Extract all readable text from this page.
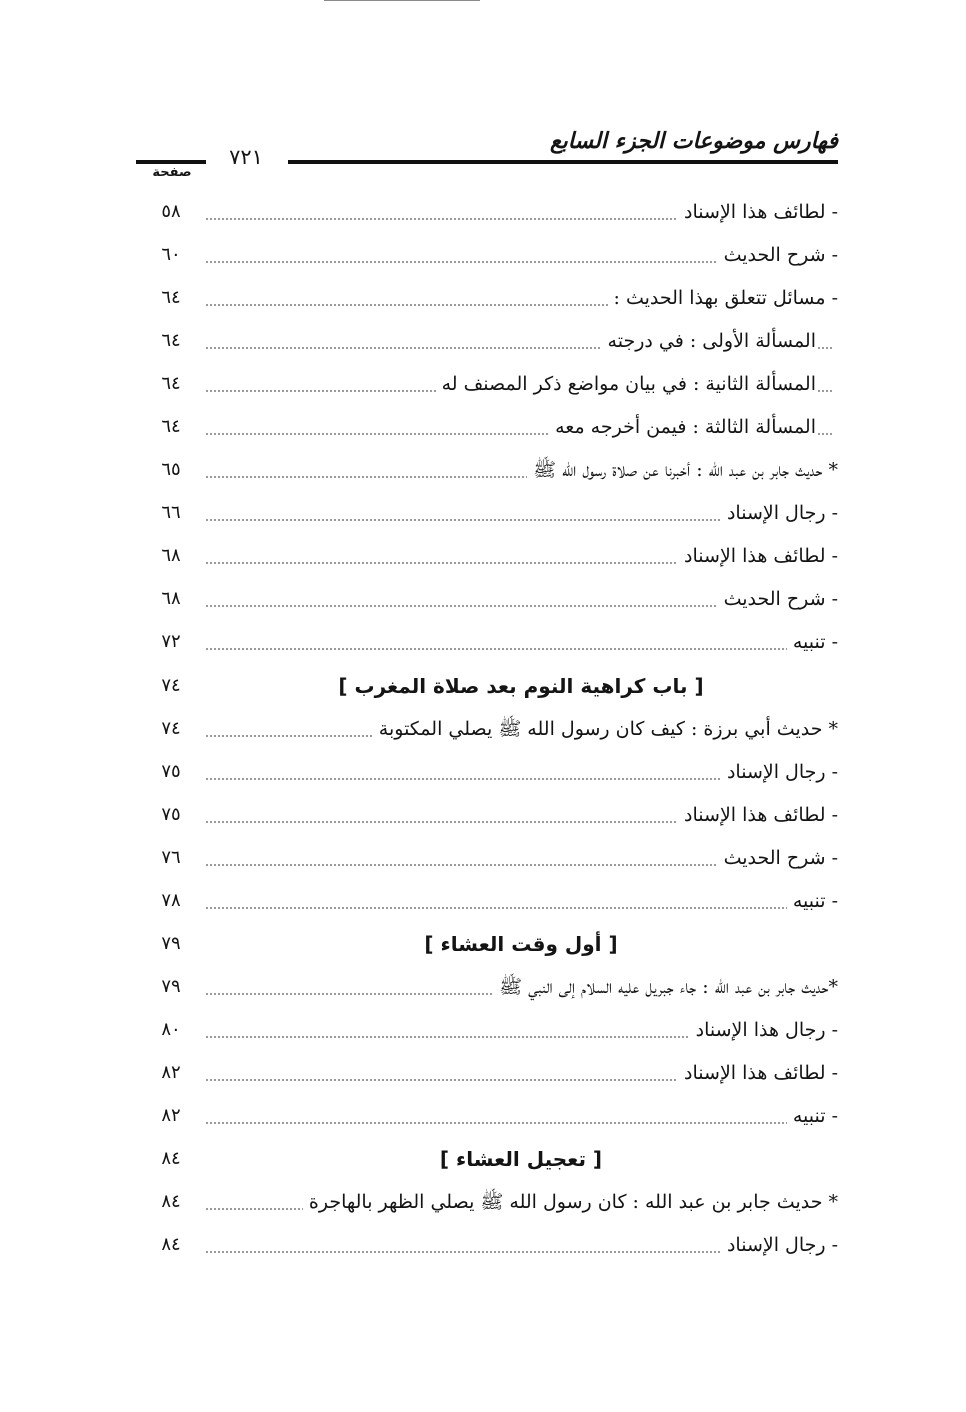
فهارس موضوعات الجزء السابع
٧٢١
صفحة
- لطائف هذا الإسناد
٥٨
- شرح الحديث
٦٠
- مسائل تتعلق بهذا الحديث :
٦٤
المسألة الأولى : في درجته
٦٤
المسألة الثانية : في بيان مواضع ذكر المصنف له
٦٤
المسألة الثالثة : فيمن أخرجه معه
٦٤
* حديث جابر بن عبد الله : أخبرنا عن صلاة رسول الله ﷺ
٦٥
- رجال الإسناد
٦٦
- لطائف هذا الإسناد
٦٨
- شرح الحديث
٦٨
- تنبيه
٧٢
[ باب كراهية النوم بعد صلاة المغرب ]
٧٤
* حديث أبي برزة : كيف كان رسول الله ﷺ يصلي المكتوبة
٧٤
- رجال الإسناد
٧٥
- لطائف هذا الإسناد
٧٥
- شرح الحديث
٧٦
- تنبيه
٧٨
[ أول وقت العشاء ]
٧٩
*حديث جابر بن عبد الله : جاء جبريل عليه السلام إلى النبي ﷺ
٧٩
- رجال هذا الإسناد
٨٠
- لطائف هذا الإسناد
٨٢
- تنبيه
٨٢
[ تعجيل العشاء ]
٨٤
* حديث جابر بن عبد الله : كان رسول الله ﷺ يصلي الظهر بالهاجرة
٨٤
- رجال الإسناد
٨٤
